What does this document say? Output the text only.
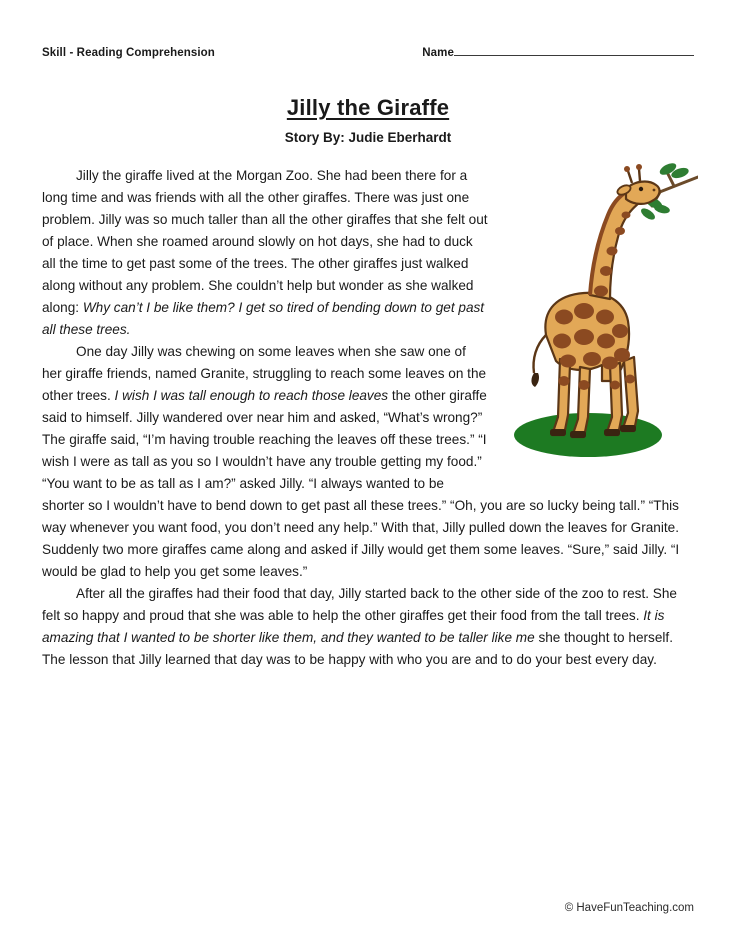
Skill - Reading Comprehension	Name
Jilly the Giraffe
Story By: Judie Eberhardt

Jilly the giraffe lived at the Morgan Zoo. She had been there for a long time and was friends with all the other giraffes. There was just one problem. Jilly was so much taller than all the other giraffes that she felt out of place. When she roamed around slowly on hot days, she had to duck all the time to get past some of the trees. The other giraffes just walked along without any problem. She couldn’t help but wonder as she walked along: Why can’t I be like them? I get so tired of bending down to get past all these trees.

One day Jilly was chewing on some leaves when she saw one of her giraffe friends, named Granite, struggling to reach some leaves on the other trees. I wish I was tall enough to reach those leaves the other giraffe said to himself. Jilly wandered over near him and asked, “What’s wrong?” The giraffe said, “I’m having trouble reaching the leaves off these trees.” “I wish I were as tall as you so I wouldn’t have any trouble getting my food.” “You want to be as tall as I am?” asked Jilly. “I always wanted to be shorter so I wouldn’t have to bend down to get past all these trees.” “Oh, you are so lucky being tall.” “This way whenever you want food, you don’t need any help.” With that, Jilly pulled down the leaves for Granite. Suddenly two more giraffes came along and asked if Jilly would get them some leaves. “Sure,” said Jilly. “I would be glad to help you get some leaves.”

After all the giraffes had their food that day, Jilly started back to the other side of the zoo to rest. She felt so happy and proud that she was able to help the other giraffes get their food from the tall trees. It is amazing that I wanted to be shorter like them, and they wanted to be taller like me she thought to herself. The lesson that Jilly learned that day was to be happy with who you are and to do your best every day.

© HaveFunTeaching.com
